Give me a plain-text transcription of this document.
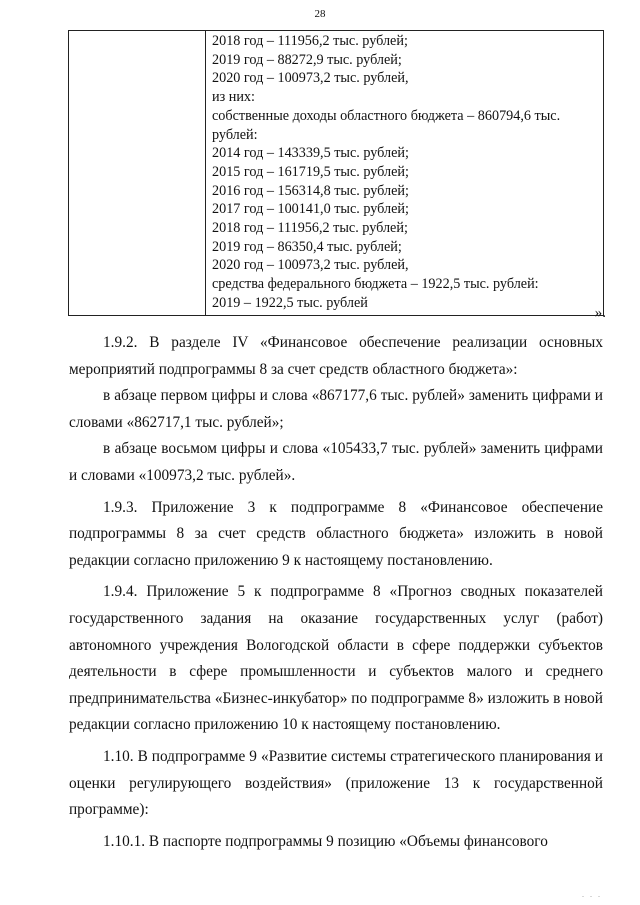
28

2018 год – 111956,2 тыс. рублей;
2019 год – 88272,9 тыс. рублей;
2020 год – 100973,2 тыс. рублей,
из них:
собственные доходы областного бюджета – 860794,6 тыс.
рублей:
2014 год – 143339,5 тыс. рублей;
2015 год – 161719,5 тыс. рублей;
2016 год – 156314,8 тыс. рублей;
2017 год – 100141,0 тыс. рублей;
2018 год – 111956,2 тыс. рублей;
2019 год – 86350,4 тыс. рублей;
2020 год – 100973,2 тыс. рублей,
средства федерального бюджета – 1922,5 тыс. рублей:
2019 – 1922,5 тыс. рублей
».

1.9.2. В разделе IV «Финансовое обеспечение реализации основных мероприятий подпрограммы 8 за счет средств областного бюджета»:

в абзаце первом цифры и слова «867177,6 тыс. рублей» заменить цифрами и словами «862717,1 тыс. рублей»;

в абзаце восьмом цифры и слова «105433,7 тыс. рублей» заменить цифрами и словами «100973,2 тыс. рублей».

1.9.3. Приложение 3 к подпрограмме 8 «Финансовое обеспечение подпрограммы 8 за счет средств областного бюджета» изложить в новой редакции согласно приложению 9 к настоящему постановлению.

1.9.4. Приложение 5 к подпрограмме 8 «Прогноз сводных показателей государственного задания на оказание государственных услуг (работ) автономного учреждения Вологодской области в сфере поддержки субъектов деятельности в сфере промышленности и субъектов малого и среднего предпринимательства «Бизнес-инкубатор» по подпрограмме 8» изложить в новой редакции согласно приложению 10 к настоящему постановлению.

1.10. В подпрограмме 9 «Развитие системы стратегического планирования и оценки регулирующего воздействия» (приложение 13 к государственной программе):

1.10.1. В паспорте подпрограммы 9 позицию «Объемы финансового

. . .
